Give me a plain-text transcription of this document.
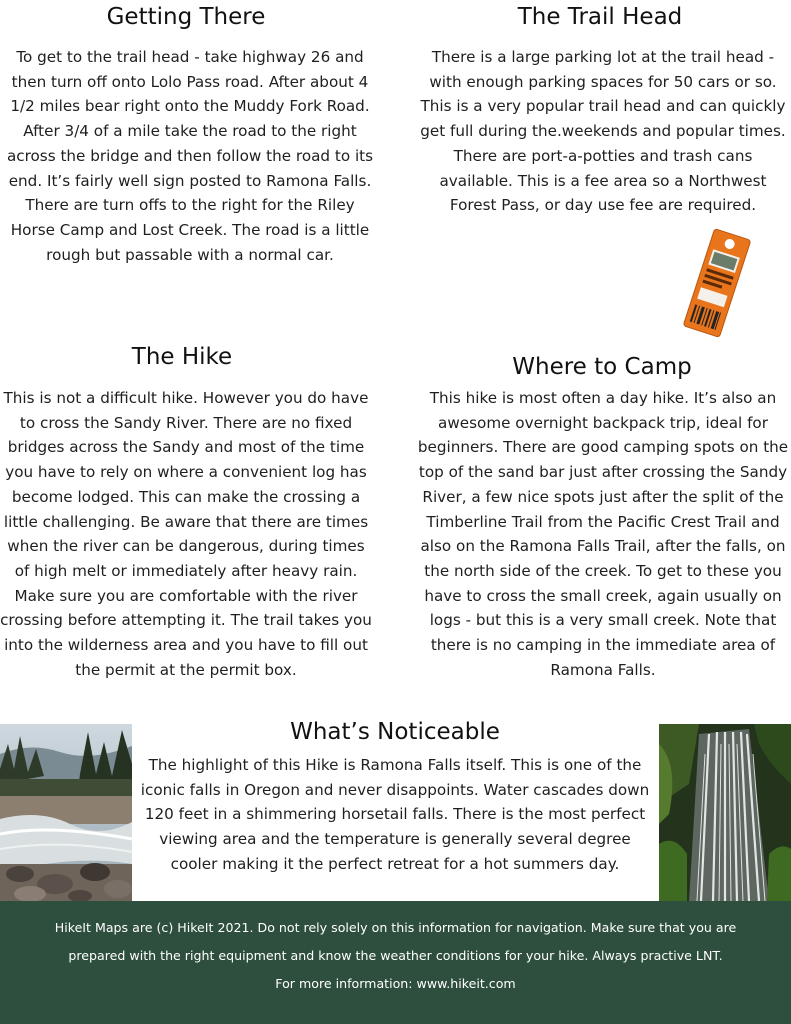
Getting There

To get to the trail head - take highway 26 and then turn off onto Lolo Pass road. After about 4 1/2 miles bear right onto the Muddy Fork Road. After 3/4 of a mile take the road to the right across the bridge and then follow the road to its end. It’s fairly well sign posted to Ramona Falls. There are turn offs to the right for the Riley Horse Camp and Lost Creek. The road is a little rough but passable with a normal car.

The Trail Head

There is a large parking lot at the trail head - with enough parking spaces for 50 cars or so. This is a very popular trail head and can quickly get full during the.weekends and popular times. There are port-a-potties and trash cans available. This is a fee area so a Northwest Forest Pass, or day use fee are required.

The Hike

This is not a difficult hike. However you do have to cross the Sandy River. There are no fixed bridges across the Sandy and most of the time you have to rely on where a convenient log has become lodged. This can make the crossing a little challenging. Be aware that there are times when the river can be dangerous, during times of high melt or immediately after heavy rain. Make sure you are comfortable with the river crossing before attempting it. The trail takes you into the wilderness area and you have to fill out the permit at the permit box.

Where to Camp

This hike is most often a day hike. It’s also an awesome overnight backpack trip, ideal for beginners. There are good camping spots on the top of the sand bar just after crossing the Sandy River, a few nice spots just after the split of the Timberline Trail from the Pacific Crest Trail and also on the Ramona Falls Trail, after the falls, on the north side of the creek. To get to these you have to cross the small creek, again usually on logs - but this is a very small creek. Note that there is no camping in the immediate area of Ramona Falls.

What’s Noticeable

The highlight of this Hike is Ramona Falls itself. This is one of the iconic falls in Oregon and never disappoints. Water cascades down 120 feet in a shimmering horsetail falls. There is the most perfect viewing area and the temperature is generally several degree cooler making it the perfect retreat for a hot summers day.

HikeIt Maps are (c) HikeIt 2021. Do not rely solely on this information for navigation. Make sure that you are

prepared with the right equipment and know the weather conditions for your hike. Always practive LNT.

For more information: www.hikeit.com
